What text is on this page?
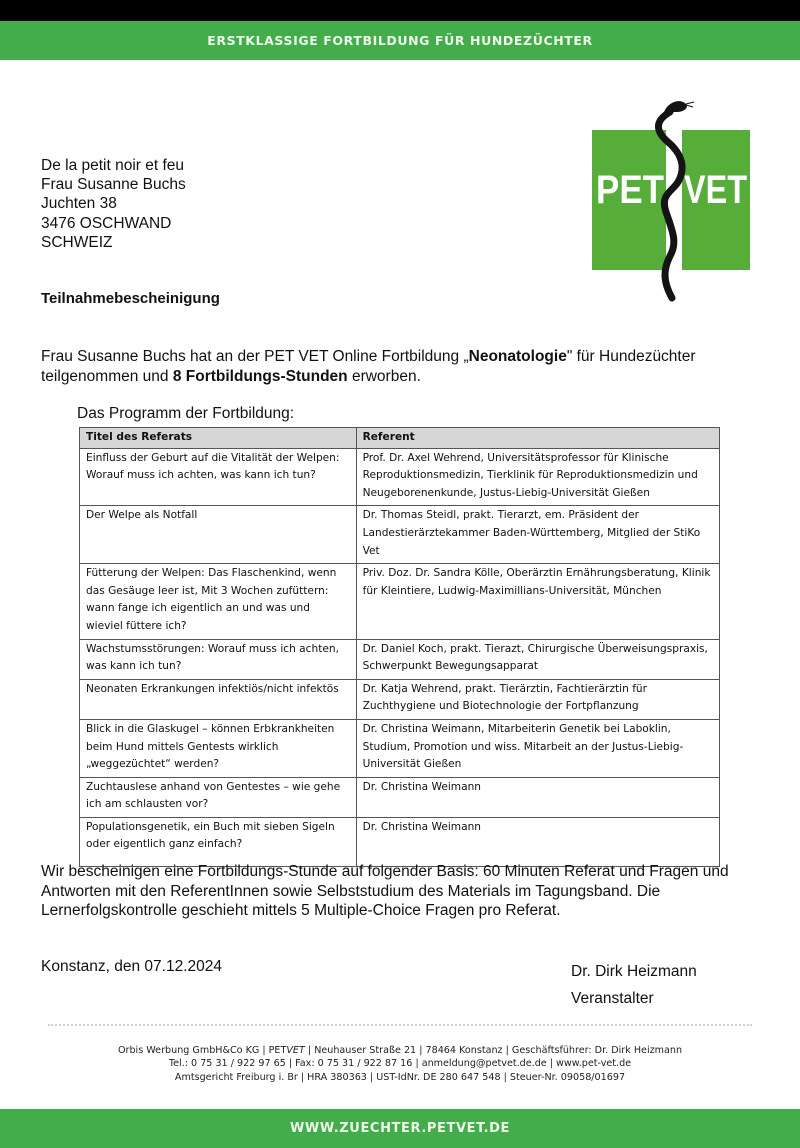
ERSTKLASSIGE FORTBILDUNG FÜR HUNDEZÜCHTER
PET VET
De la petit noir et feu
Frau Susanne Buchs
Juchten 38
3476 OSCHWAND
SCHWEIZ
Teilnahmebescheinigung
Frau Susanne Buchs hat an der PET VET Online Fortbildung „Neonatologie" für Hundezüchter teilgenommen und 8 Fortbildungs-Stunden erworben.
Das Programm der Fortbildung:
Titel des Referats	Referent
Einfluss der Geburt auf die Vitalität der Welpen: Worauf muss ich achten, was kann ich tun?	Prof. Dr. Axel Wehrend, Universitätsprofessor für Klinische Reproduktionsmedizin, Tierklinik für Reproduktionsmedizin und Neugeborenenkunde, Justus-Liebig-Universität Gießen
Der Welpe als Notfall	Dr. Thomas Steidl, prakt. Tierarzt, em. Präsident der Landestierärztekammer Baden-Württemberg, Mitglied der StiKo Vet
Fütterung der Welpen: Das Flaschenkind, wenn das Gesäuge leer ist, Mit 3 Wochen zufüttern: wann fange ich eigentlich an und was und wieviel füttere ich?	Priv. Doz. Dr. Sandra Kölle, Oberärztin Ernährungsberatung, Klinik für Kleintiere, Ludwig-Maximillians-Universität, München
Wachstumsstörungen: Worauf muss ich achten, was kann ich tun?	Dr. Daniel Koch, prakt. Tierazt, Chirurgische Überweisungspraxis, Schwerpunkt Bewegungsapparat
Neonaten Erkrankungen infektiös/nicht infektös	Dr. Katja Wehrend, prakt. Tierärztin, Fachtierärztin für Zuchthygiene und Biotechnologie der Fortpflanzung
Blick in die Glaskugel – können Erbkrankheiten beim Hund mittels Gentests wirklich „weggezüchtet“ werden?	Dr. Christina Weimann, Mitarbeiterin Genetik bei Laboklin, Studium, Promotion und wiss. Mitarbeit an der Justus-Liebig-Universität Gießen
Zuchtauslese anhand von Gentestes – wie gehe ich am schlausten vor?	Dr. Christina Weimann
Populationsgenetik, ein Buch mit sieben Sigeln oder eigentlich ganz einfach?	Dr. Christina Weimann
Wir bescheinigen eine Fortbildungs-Stunde auf folgender Basis: 60 Minuten Referat und Fragen und Antworten mit den ReferentInnen sowie Selbststudium des Materials im Tagungsband. Die Lernerfolgskontrolle geschieht mittels 5 Multiple-Choice Fragen pro Referat.
Konstanz, den 07.12.2024	Dr. Dirk Heizmann
Veranstalter
Orbis Werbung GmbH&Co KG | PETVET | Neuhauser Straße 21 | 78464 Konstanz | Geschäftsführer: Dr. Dirk Heizmann
Tel.: 0 75 31 / 922 97 65 | Fax: 0 75 31 / 922 87 16 | anmeldung@petvet.de.de | www.pet-vet.de
Amtsgericht Freiburg i. Br | HRA 380363 | UST-IdNr. DE 280 647 548 | Steuer-Nr. 09058/01697
WWW.ZUECHTER.PETVET.DE
